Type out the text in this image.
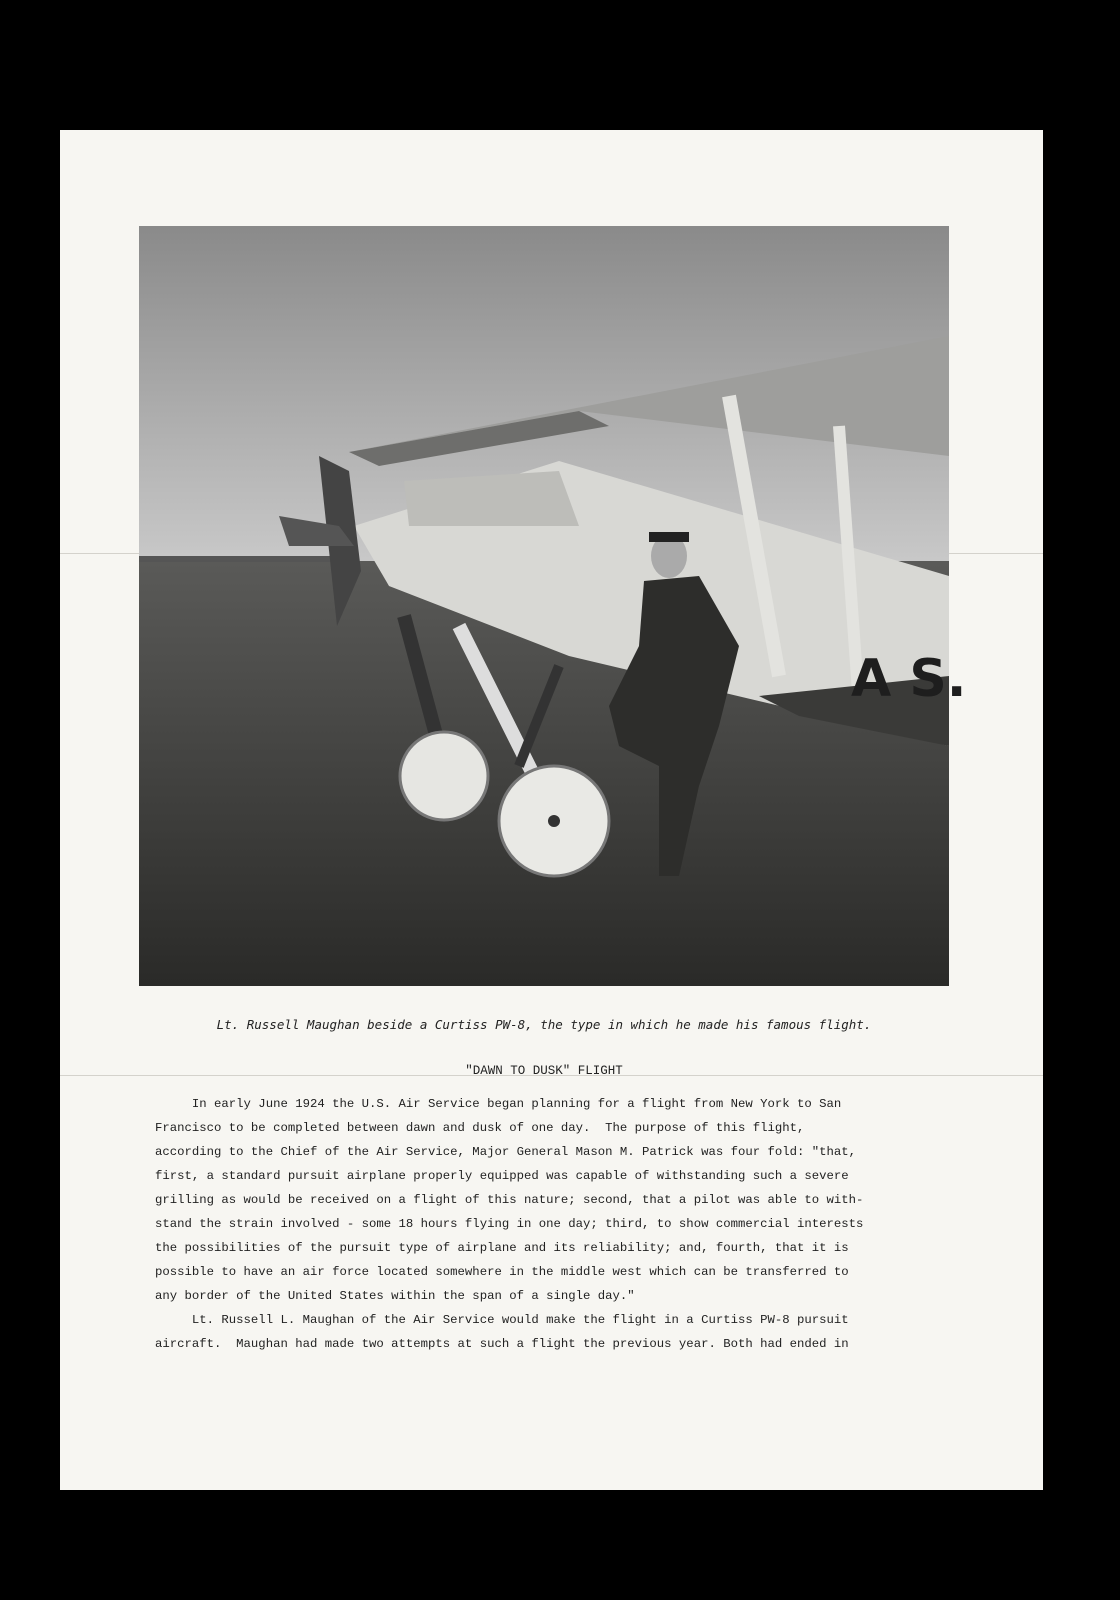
A S.
Lt. Russell Maughan beside a Curtiss PW-8, the type in which he made his famous flight.
"DAWN TO DUSK" FLIGHT
In early June 1924 the U.S. Air Service began planning for a flight from New York to San
Francisco to be completed between dawn and dusk of one day.  The purpose of this flight,
according to the Chief of the Air Service, Major General Mason M. Patrick was four fold: "that,
first, a standard pursuit airplane properly equipped was capable of withstanding such a severe
grilling as would be received on a flight of this nature; second, that a pilot was able to with-
stand the strain involved - some 18 hours flying in one day; third, to show commercial interests
the possibilities of the pursuit type of airplane and its reliability; and, fourth, that it is
possible to have an air force located somewhere in the middle west which can be transferred to
any border of the United States within the span of a single day."
Lt. Russell L. Maughan of the Air Service would make the flight in a Curtiss PW-8 pursuit
aircraft.  Maughan had made two attempts at such a flight the previous year. Both had ended in
